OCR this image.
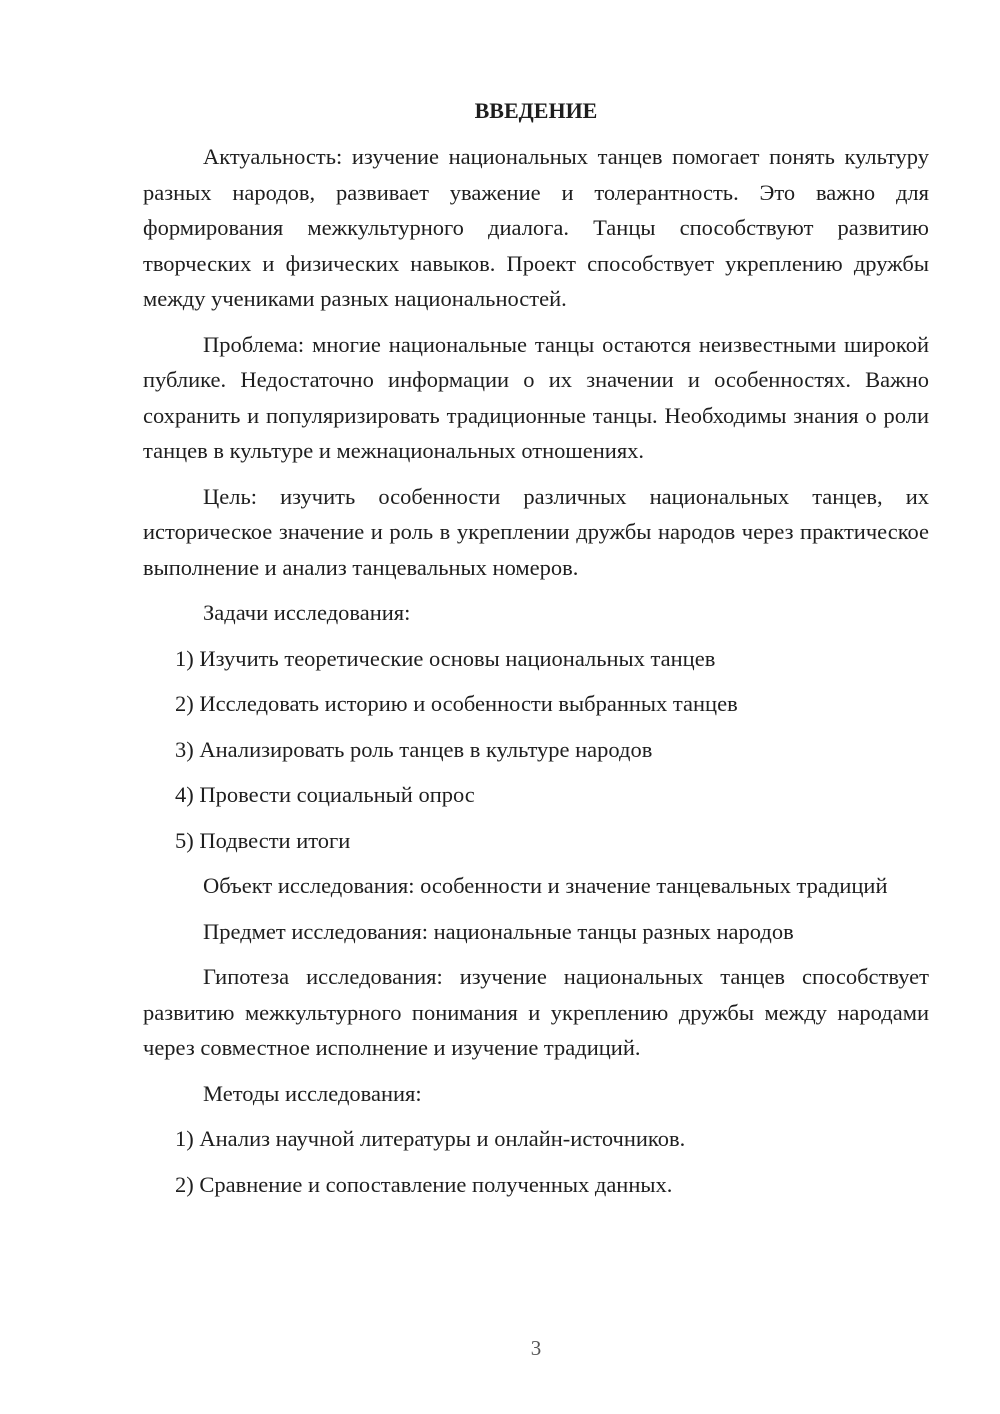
ВВЕДЕНИЕ

Актуальность: изучение национальных танцев помогает понять культуру разных народов, развивает уважение и толерантность. Это важно для формирования межкультурного диалога. Танцы способствуют развитию творческих и физических навыков. Проект способствует укреплению дружбы между учениками разных национальностей.

Проблема: многие национальные танцы остаются неизвестными широкой публике. Недостаточно информации о их значении и особенностях. Важно сохранить и популяризировать традиционные танцы. Необходимы знания о роли танцев в культуре и межнациональных отношениях.

Цель: изучить особенности различных национальных танцев, их историческое значение и роль в укреплении дружбы народов через практическое выполнение и анализ танцевальных номеров.

Задачи исследования:

1) Изучить теоретические основы национальных танцев

2) Исследовать историю и особенности выбранных танцев

3) Анализировать роль танцев в культуре народов

4) Провести социальный опрос

5) Подвести итоги

Объект исследования: особенности и значение танцевальных традиций

Предмет исследования: национальные танцы разных народов

Гипотеза исследования: изучение национальных танцев способствует развитию межкультурного понимания и укреплению дружбы между народами через совместное исполнение и изучение традиций.

Методы исследования:

1) Анализ научной литературы и онлайн-источников.

2) Сравнение и сопоставление полученных данных.

3
